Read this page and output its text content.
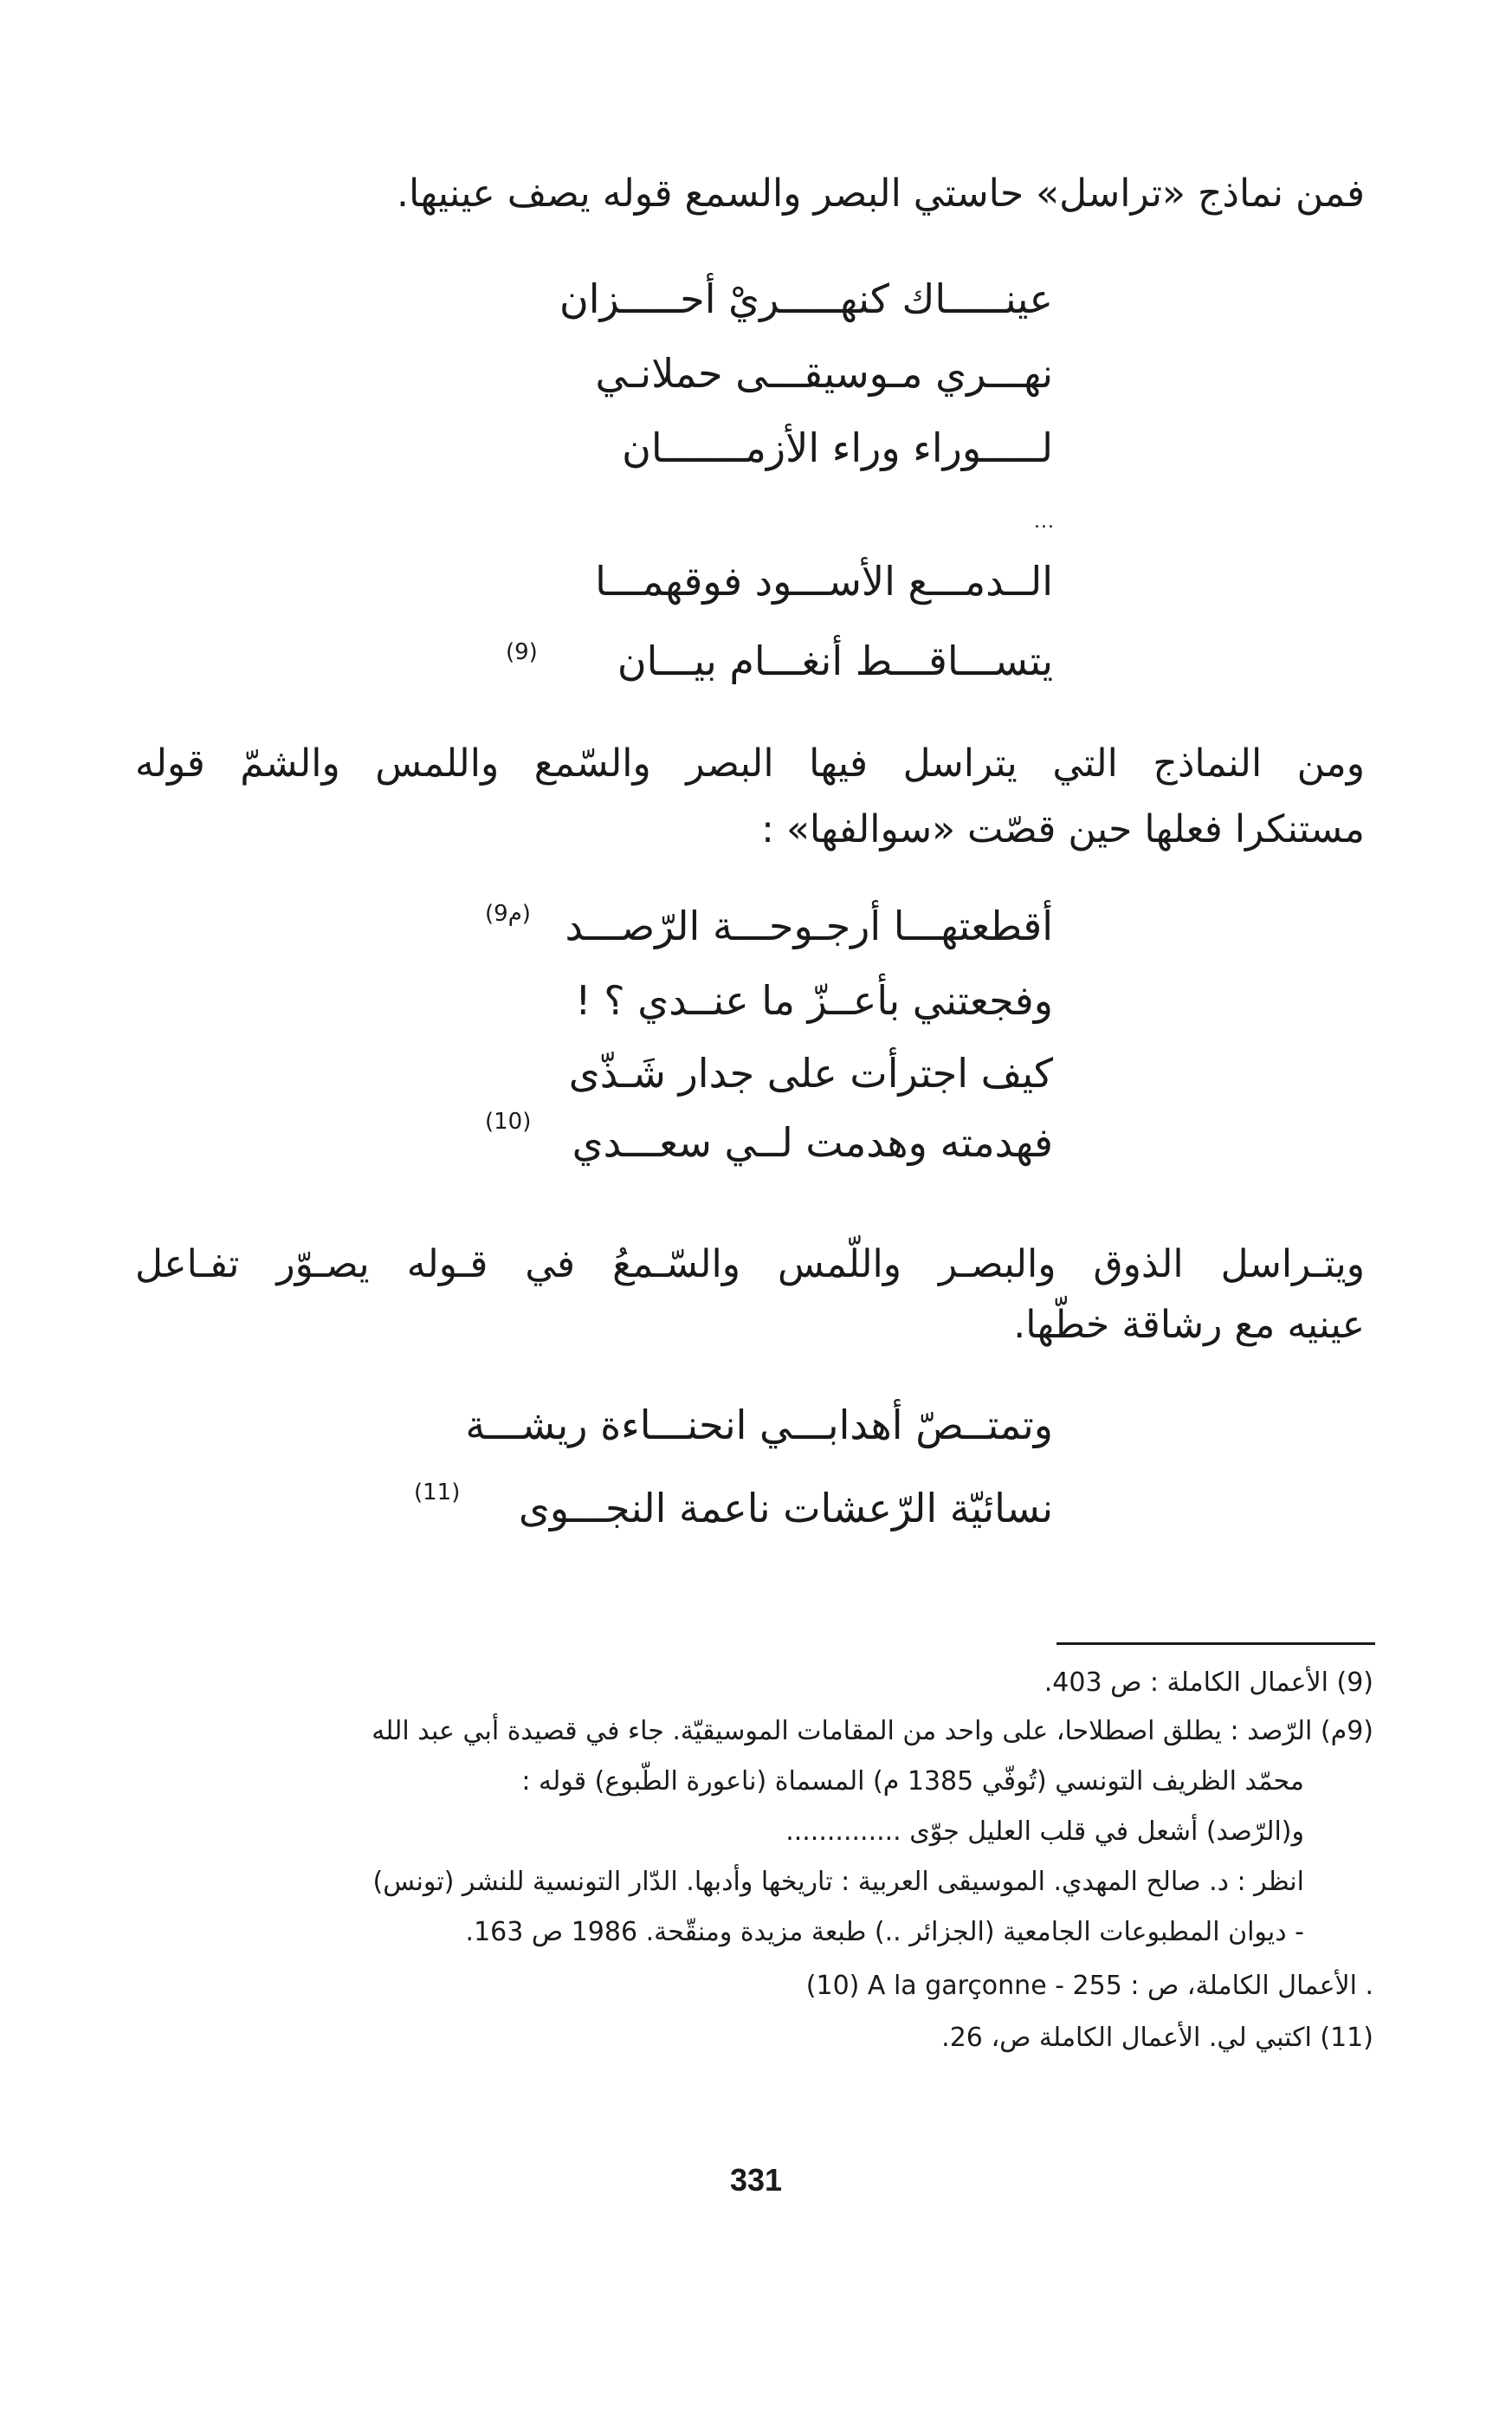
فمن نماذج «تراسل» حاستي البصر والسمع قوله يصف عينيها.
عينـــــاك كنهـــــريْ أحـــــزان
نهـــري مـوسيقـــى حملانـي
لـــــوراء وراء الأزمـــــــان
...
الــدمـــع الأســـود فوقهمـــا
يتســـاقـــط أنغـــام بيـــان
(9)
ومن النماذج التي يتراسل فيها البصر والسّمع واللمس والشمّ قوله
مستنكرا فعلها حين قصّت «سوالفها» :
أقطعتهـــا أرجـوحـــة الرّصـــد
(9م)
وفجعتني بأعــزّ ما عنــدي ؟ !
كيف اجترأت على جدار شَـذّى
فهدمته وهدمت لــي سعـــدي
(10)
ويتـراسل الذوق والبصـر واللّمس والسّـمعُ في قـوله يصـوّر تفـاعل
عينيه مع رشاقة خطّها.
وتمتــصّ أهدابـــي انحنـــاءة ريشـــة
نسائيّة الرّعشات ناعمة النجـــوى
(11)
(9) الأعمال الكاملة : ص 403.
(9م) الرّصد : يطلق اصطلاحا، على واحد من المقامات الموسيقيّة. جاء في قصيدة أبي عبد الله
محمّد الظريف التونسي (تُوفّي 1385 م) المسماة (ناعورة الطّبوع) قوله :
و(الرّصد) أشعل في قلب العليل جوّى ..............
انظر : د. صالح المهدي. الموسيقى العربية : تاريخها وأدبها. الدّار التونسية للنشر (تونس)
- ديوان المطبوعات الجامعية (الجزائر ..) طبعة مزيدة ومنقّحة. 1986 ص 163.
(10) A la garçonne - الأعمال الكاملة، ص : 255 .
(11) اكتبي لي. الأعمال الكاملة ص، 26.
331
